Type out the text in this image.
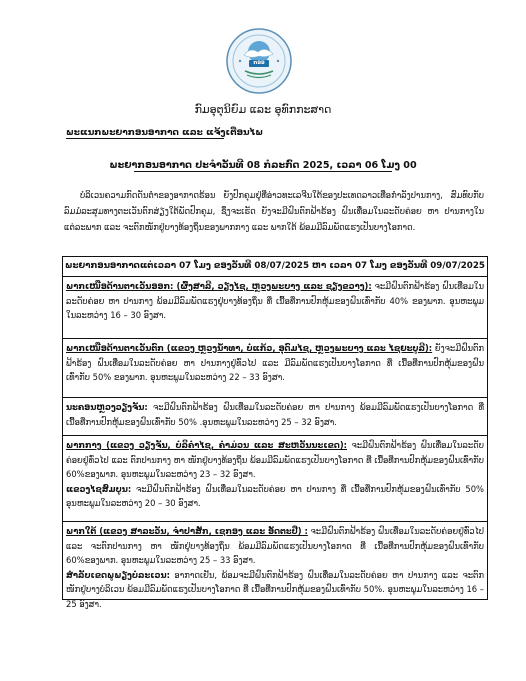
ກອອ
ກົມອຸຕຸນິຍົມ ແລະ ອຸທົກກະສາດ
ພະແນກພະຍາກອນອາກາດ ແລະ ແຈ້ງເຕືອນໄພ
ພະຍາກອນອາກາດ ປະຈຳວັນທີ 08 ກໍລະກົດ 2025, ເວລາ 06 ໂມງ 00

ບໍລິເວນຄວາມກົດດັນຕ່ຳຂອງອາກາດຮ້ອນ ຍັງປົກຄຸມຢູ່ທີ່ອ່າວທະເລຈີນໃຕ້ຂອງປະເທດລາວເທື່ອກ່ຳລັງປານກາງ, ສົມທົບກັບລົມມໍລະສຸມທາງຕະເວັນຕົກສ່ຽງໃຕ້ພັດປົກຄຸມ, ຊຶ່ງຈະເຮັດ ຍັງຈະມີຝົນຕົກຟ້າຮ້ອງ ຝົນເທື່ອມໃນລະດັບຄ່ອຍ ຫາ ປານກາງໃນແຕ່ລະພາກ ແລະ ຈະຕົກໜັກຢູ່ບາງທ້ອງຖິ່ນຂອງພາກກາງ ແລະ ພາກໃຕ້ ພ້ອມມີລົມພັດແຮງເປັນບາງໂອກາດ.

ພະຍາກອນອາກາດແຕ່ເວລາ 07 ໂມງ ຂອງວັນທີ 08/07/2025 ຫາ ເວລາ 07 ໂມງ ຂອງວັນທີ 09/07/2025
ພາກເໜືອດ້ານຕາເວັນອອກ: (ຜົ້ງສາລີ, ວຽງໄຊ, ຫຼວງພະບາງ ແລະ ຊຽງຂວາງ): ຈະມີຝົນຕົກຟ້າຮ້ອງ ຝົນເທື່ອມໃນລະດັບຄ່ອຍ ຫາ ປານກາງ ພ້ອມມີລົມພັດແຮງຢູ່ບາງທ້ອງຖິ່ນ ທີ່ ເນື້ອທີ່ການປົກຫຸ້ມຂອງຝົນເທົ່າກັບ 40% ຂອງພາກ. ອຸນຫະພູມໃນລະຫວ່າງ 16 – 30 ອົງສາ.
ພາກເໜືອດ້ານຕາເວັນຕົກ (ແຂວງ ຫຼວງນ້ຳທາ, ບໍ່ແກ້ວ, ອຸດົມໄຊ, ຫຼວງພະບາງ ແລະ ໄຊຍະບູລີ): ຍັງຈະມີຝົນຕົກຟ້າຮ້ອງ ຝົນເທື່ອມໃນລະດັບຄ່ອຍ ຫາ ປານກາງຢູ່ທົ່ວໄປ ແລະ ມີລົມພັດແຮງເປັນບາງໂອກາດ ທີ່ ເນື້ອທີ່ການປົກຫຸ້ມຂອງຝົນເທົ່າກັບ 50% ຂອງພາກ. ອຸນຫະພູມໃນລະຫວ່າງ 22 – 33 ອົງສາ.
ນະຄອນຫຼວງວຽງຈັນ: ຈະມີຝົນຕົກຟ້າຮ້ອງ ຝົນເທື່ອມໃນລະດັບຄ່ອຍ ຫາ ປານກາງ ພ້ອມມີລົມພັດແຮງເປັນບາງໂອກາດ ທີ່ ເນື້ອທີ່ການປົກຫຸ້ມຂອງຝົນເທົ່າກັບ 50% .ອຸນຫະພູມໃນລະຫວ່າງ 25 – 32 ອົງສາ.
ພາກກາງ (ແຂວງ ວຽງຈັນ, ບໍລິຄຳໄຊ, ຄຳມ່ວນ ແລະ ສະຫວັນນະເຂດ): ຈະມີຝົນຕົກຟ້າຮ້ອງ ຝົນເທື່ອມໃນລະດັບຄ່ອຍຢູ່ທົ່ວໄປ ແລະ ຕົກປານກາງ ຫາ ໜັກຢູ່ບາງທ້ອງຖິ່ນ ພ້ອມມີລົມພັດແຮງເປັນບາງໂອກາດ ທີ່ ເນື້ອທີ່ການປົກຫຸ້ມຂອງຝົນເທົ່າກັບ 60%ຂອງພາກ. ອຸນຫະພູມໃນລະຫວ່າງ 23 – 32 ອົງສາ.
ແຂວງໄຊສົມບູນ: ຈະມີຝົນຕົກຟ້າຮ້ອງ ຝົນເທື່ອມໃນລະດັບຄ່ອຍ ຫາ ປານກາງ ທີ່ ເນື້ອທີ່ການປົກຫຸ້ມຂອງຝົນເທົ່າກັບ 50% ອຸນຫະພູມໃນລະຫວ່າງ 20 – 30 ອົງສາ.
ພາກໃຕ້ (ແຂວງ ສາລະວັນ, ຈຳປາສັກ, ເຊກອງ ແລະ ອັດຕະປື) : ຈະມີຝົນຕົກຟ້າຮ້ອງ ຝົນເທື່ອມໃນລະດັບຄ່ອຍຢູ່ທົ່ວໄປ ແລະ ຈະຕົກປານກາງ ຫາ ໜັກຢູ່ບາງທ້ອງຖິ່ນ ພ້ອມມີລົມພັດແຮງເປັນບາງໂອກາດ ທີ່ ເນື້ອທີ່ການປົກຫຸ້ມຂອງຝົນເທົ່າກັບ 60%ຂອງພາກ. ອຸນຫະພູມໃນລະຫວ່າງ 25 – 33 ອົງສາ.
ສຳລັບເຂດພູພຽງບໍລະເວນ: ອາກາດເຢັນ, ພ້ອມຈະມີຝົນຕົກຟ້າຮ້ອງ ຝົນເທື່ອມໃນລະດັບຄ່ອຍ ຫາ ປານກາງ ແລະ ຈະຕົກໜັກຢູ່ບາງບໍລິເວນ ພ້ອມມີລົມພັດແຮງເປັນບາງໂອກາດ ທີ່ ເນື້ອທີ່ການປົກຫຸ້ມຂອງຝົນເທົ່າກັບ 50%. ອຸນຫະພູມໃນລະຫວ່າງ 16 – 25 ອົງສາ.
